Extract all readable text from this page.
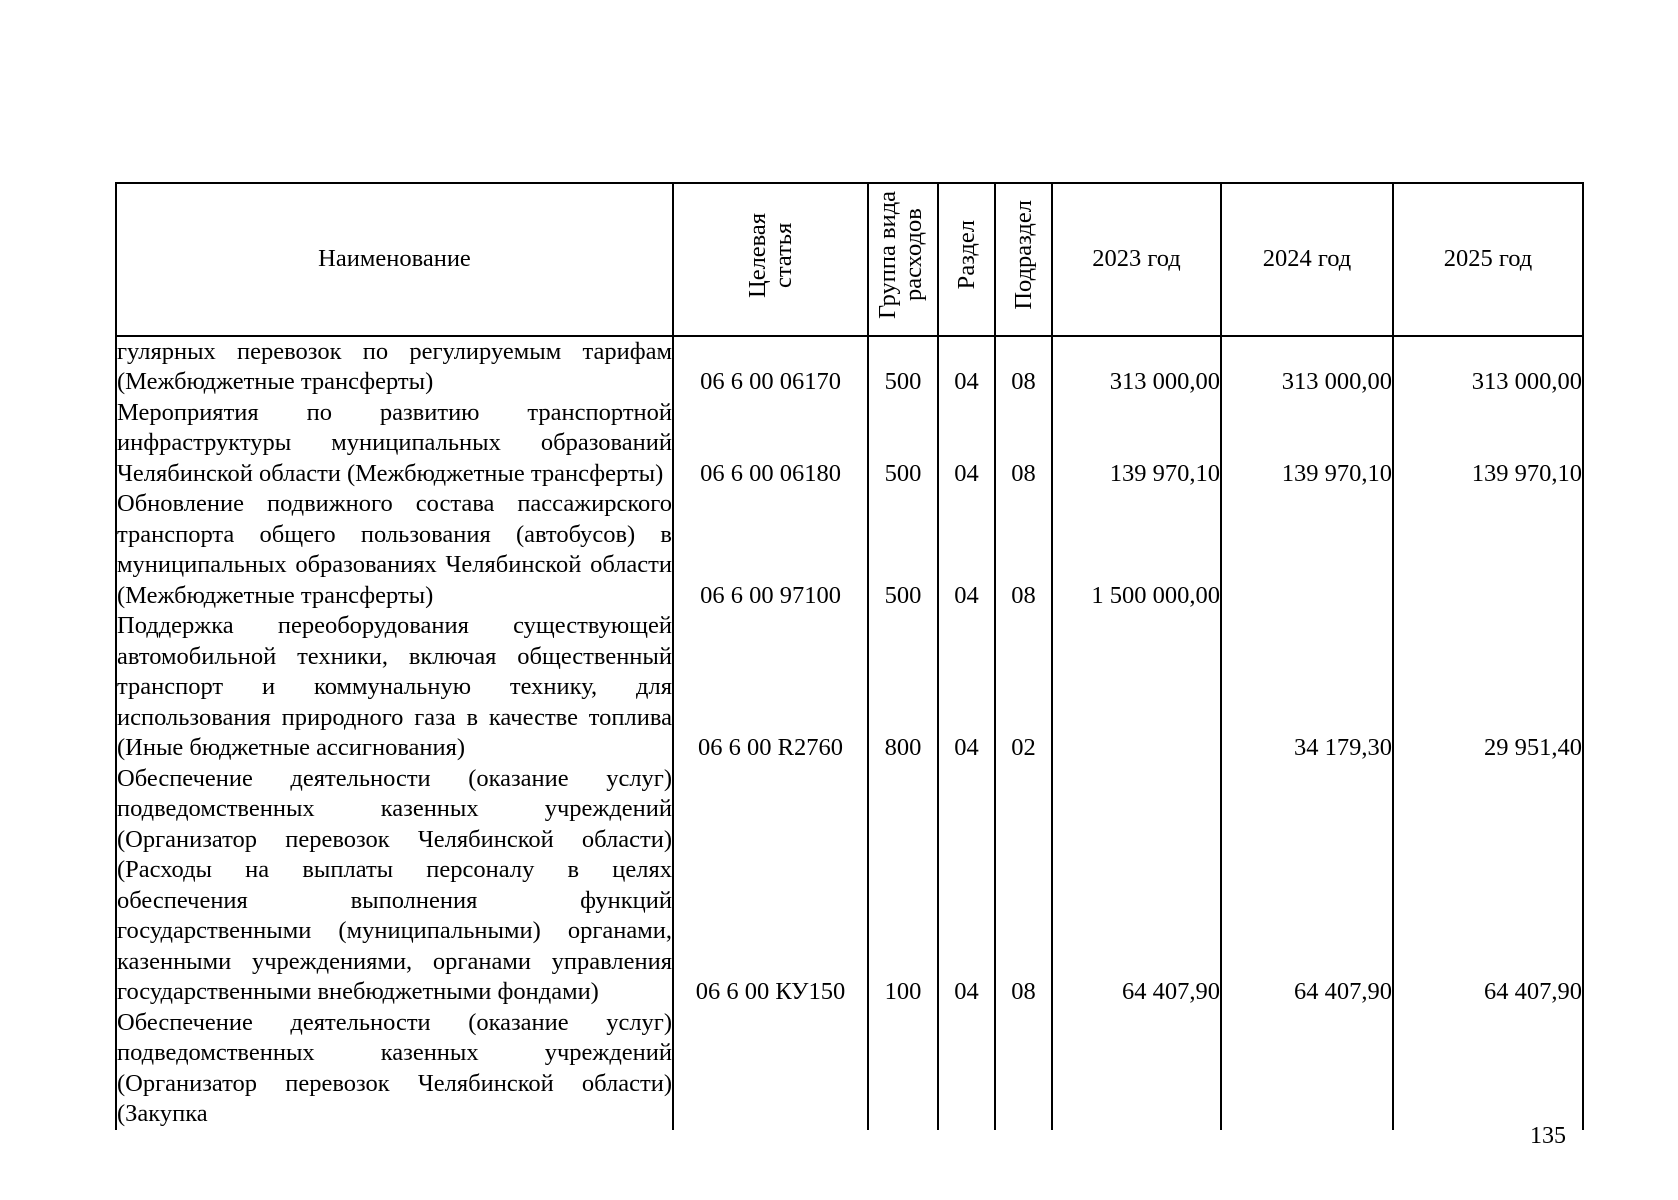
Наименование	Целевая статья	Группа вида расходов	Раздел	Подраздел	2023 год	2024 год	2025 год
гулярных перевозок по регулируемым тарифам (Межбюджетные трансферты)	06 6 00 06170	500	04	08	313 000,00	313 000,00	313 000,00
Мероприятия по развитию транспортной инфраструктуры муниципальных образований Челябинской области (Межбюджетные трансферты)	06 6 00 06180	500	04	08	139 970,10	139 970,10	139 970,10
Обновление подвижного состава пассажирского транспорта общего пользования (автобусов) в муниципальных образованиях Челябинской области (Межбюджетные трансферты)	06 6 00 97100	500	04	08	1 500 000,00		
Поддержка переоборудования существующей автомобильной техники, включая общественный транспорт и коммунальную технику, для использования природного газа в качестве топлива (Иные бюджетные ассигнования)	06 6 00 R2760	800	04	02		34 179,30	29 951,40
Обеспечение деятельности (оказание услуг) подведомственных казенных учреждений (Организатор перевозок Челябинской области) (Расходы на выплаты персоналу в целях обеспечения выполнения функций государственными (муниципальными) органами, казенными учреждениями, органами управления государственными внебюджетными фондами)	06 6 00 КУ150	100	04	08	64 407,90	64 407,90	64 407,90
Обеспечение деятельности (оказание услуг) подведомственных казенных учреждений (Организатор перевозок Челябинской области) (Закупка							
135
